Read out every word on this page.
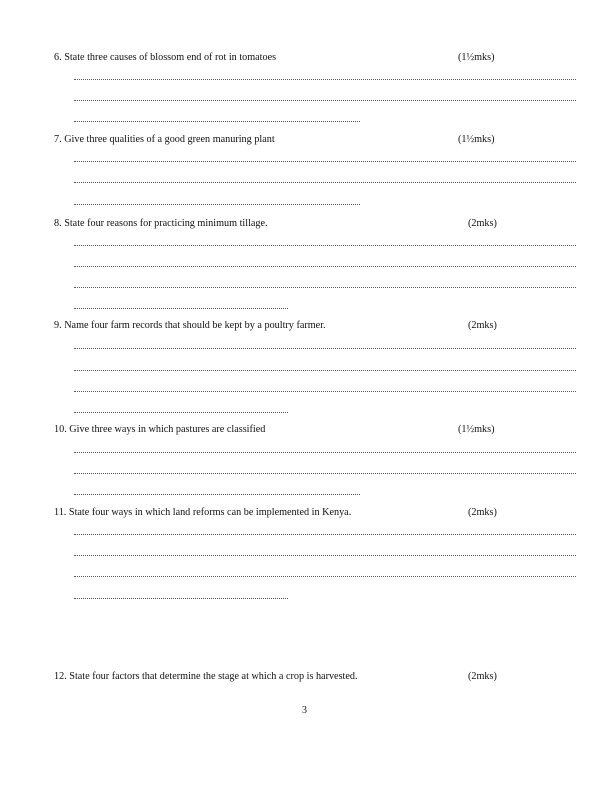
6. State three causes of blossom end of rot in tomatoes	(1½mks)
7. Give three qualities of a good green manuring plant	(1½mks)
8. State four reasons for practicing minimum tillage.	(2mks)
9. Name four farm records that should be kept by a poultry farmer.	(2mks)
10. Give three ways in which pastures are classified	(1½mks)
11. State four ways in which land reforms can be implemented in Kenya.	(2mks)
12. State four factors that determine the stage at which a crop is harvested.	(2mks)
3
